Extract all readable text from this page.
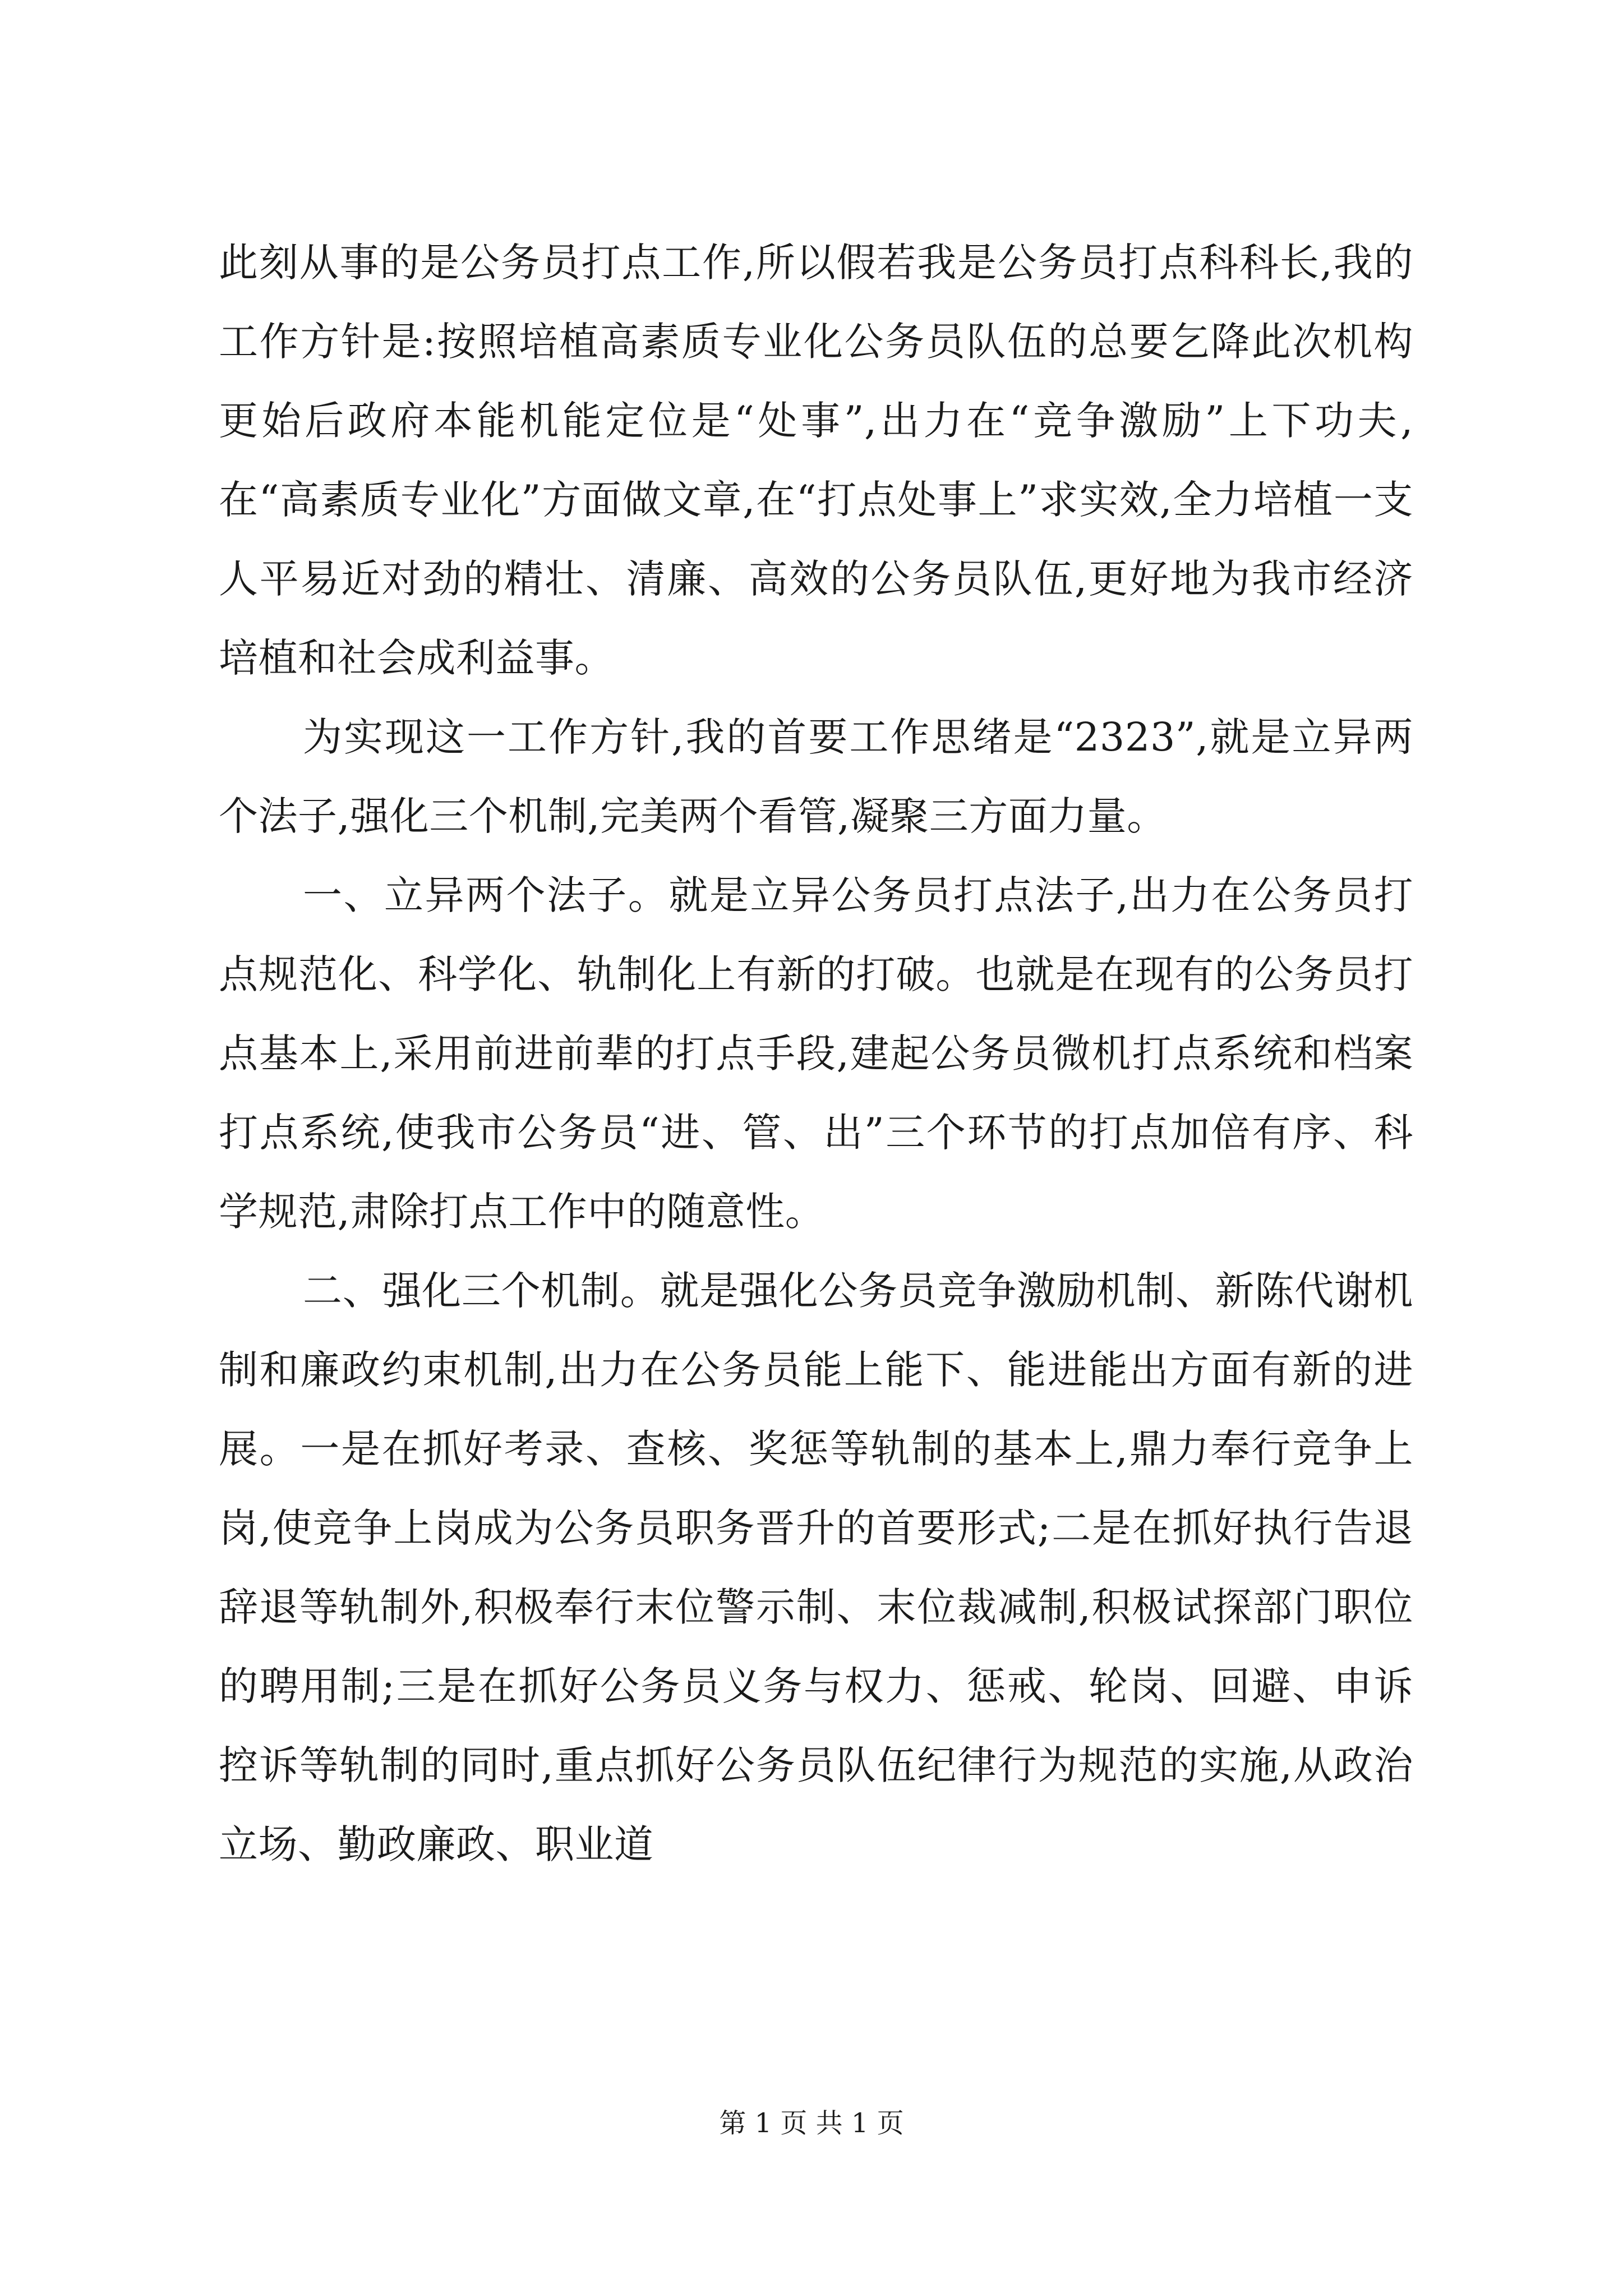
此刻从事的是公务员打点工作,所以假若我是公务员打点科科长,我的工作方针是:按照培植高素质专业化公务员队伍的总要乞降此次机构更始后政府本能机能定位是“处事”,出力在“竞争激励”上下功夫,在“高素质专业化”方面做文章,在“打点处事上”求实效,全力培植一支人平易近对劲的精壮、清廉、高效的公务员队伍,更好地为我市经济培植和社会成利益事。

为实现这一工作方针,我的首要工作思绪是“2323”,就是立异两个法子,强化三个机制,完美两个看管,凝聚三方面力量。

一、立异两个法子。就是立异公务员打点法子,出力在公务员打点规范化、科学化、轨制化上有新的打破。也就是在现有的公务员打点基本上,采用前进前辈的打点手段,建起公务员微机打点系统和档案打点系统,使我市公务员“进、管、出”三个环节的打点加倍有序、科学规范,肃除打点工作中的随意性。

二、强化三个机制。就是强化公务员竞争激励机制、新陈代谢机制和廉政约束机制,出力在公务员能上能下、能进能出方面有新的进展。一是在抓好考录、查核、奖惩等轨制的基本上,鼎力奉行竞争上岗,使竞争上岗成为公务员职务晋升的首要形式;二是在抓好执行告退辞退等轨制外,积极奉行末位警示制、末位裁减制,积极试探部门职位的聘用制;三是在抓好公务员义务与权力、惩戒、轮岗、回避、申诉控诉等轨制的同时,重点抓好公务员队伍纪律行为规范的实施,从政治立场、勤政廉政、职业道

第 1 页 共 1 页
